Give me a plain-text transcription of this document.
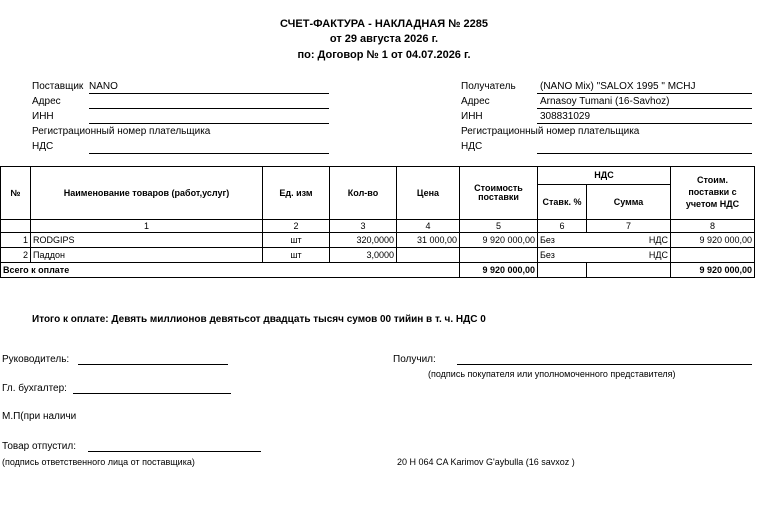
СЧЕТ-ФАКТУРА - НАКЛАДНАЯ № 2285
от 29 августа 2026 г.
по: Договор № 1 от 04.07.2026 г.
Поставщик NANO
Адрес
ИНН
Регистрационный номер плательщика
НДС
Получатель (NANO Mix) "SALOX 1995 " MCHJ
Адрес	Arnasoy Tumani (16-Savhoz)
ИНН	308831029
Регистрационный номер плательщика
НДС
№	Наименование товаров (работ,услуг)	Ед. изм	Кол-во	Цена	Стоимость поставки	НДС		Стоим. поставки с учетом НДС
						Ставк. %	Сумма	
	1	2	3	4	5	6	7	8
1	RODGIPS	шт	320,0000	31 000,00	9 920 000,00	Без	НДС	9 920 000,00
2	Паддон	шт	3,0000			Без	НДС	
Всего к оплате					9 920 000,00			9 920 000,00
Итого к оплате: Девять миллионов девятьсот двадцать тысяч сумов 00 тийин в т. ч. НДС 0
Руководитель:
Гл. бухгалтер:
М.П(при наличи
Товар отпустил:
(подпись ответственного лица от поставщика)
Получил:
(подпись покупателя или уполномоченного представителя)
20 H 064 CA Karimov G'aybulla (16 savxoz )
